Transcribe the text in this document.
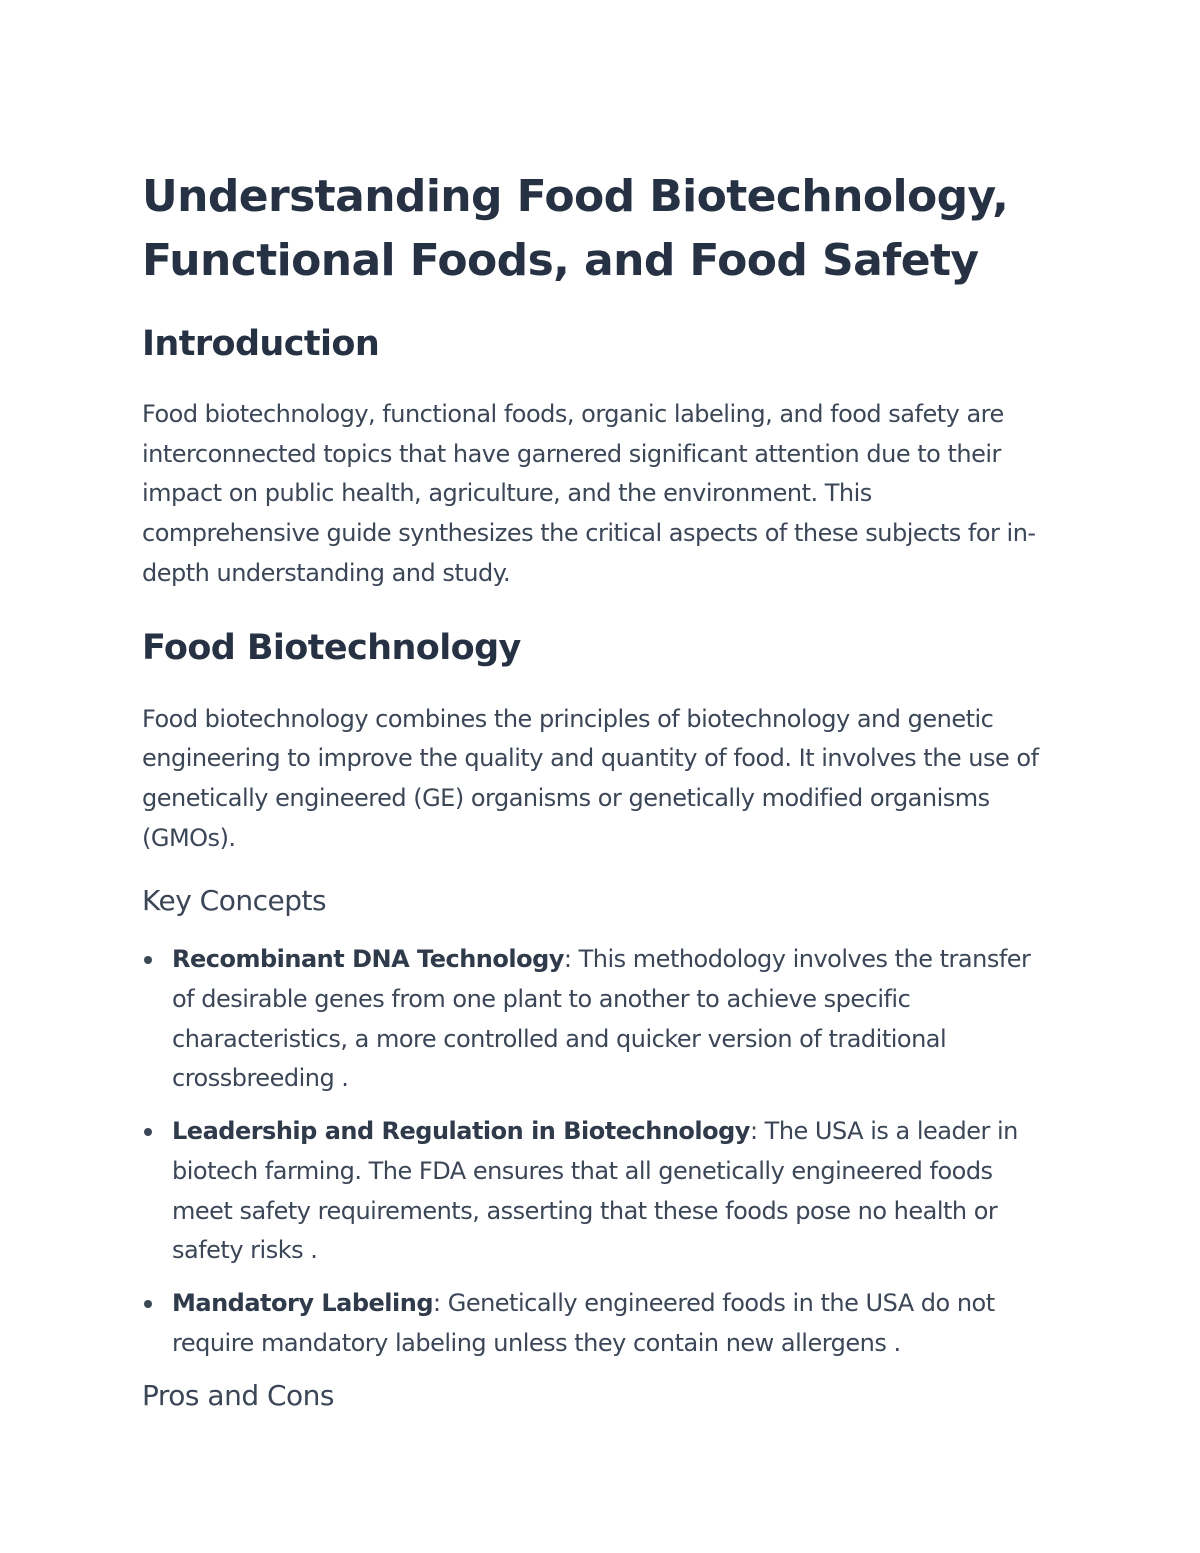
Understanding Food Biotechnology, Functional Foods, and Food Safety
Introduction

Food biotechnology, functional foods, organic labeling, and food safety are interconnected topics that have garnered significant attention due to their impact on public health, agriculture, and the environment. This comprehensive guide synthesizes the critical aspects of these subjects for in-depth understanding and study.

Food Biotechnology

Food biotechnology combines the principles of biotechnology and genetic engineering to improve the quality and quantity of food. It involves the use of genetically engineered (GE) organisms or genetically modified organisms (GMOs).

Key Concepts
Recombinant DNA Technology: This methodology involves the transfer of desirable genes from one plant to another to achieve specific characteristics, a more controlled and quicker version of traditional crossbreeding .
Leadership and Regulation in Biotechnology: The USA is a leader in biotech farming. The FDA ensures that all genetically engineered foods meet safety requirements, asserting that these foods pose no health or safety risks .
Mandatory Labeling: Genetically engineered foods in the USA do not require mandatory labeling unless they contain new allergens .
Pros and Cons
